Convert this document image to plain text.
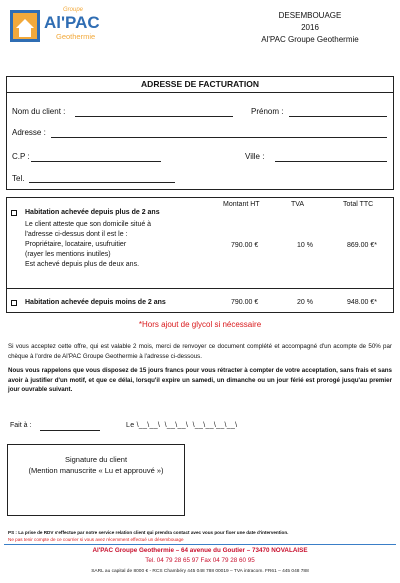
Groupe
Al'PAC
Geothermie
DESEMBOUAGE
2016
Al'PAC Groupe Geothermie
ADRESSE DE FACTURATION
Nom du client :	Prénom :
Adresse :
C.P :	Ville :
Tel.
Montant HT	TVA	Total TTC
Habitation achevée depuis plus de 2 ans
Le client atteste que son domicile situé à
l'adresse ci-dessus dont il est le :
Propriétaire, locataire, usufruitier
(rayer les mentions inutiles)
Est achevé depuis plus de deux ans.
790.00 €	10 %	869.00 €*
Habitation achevée depuis moins de 2 ans	790.00 €	20 %	948.00 €*
*Hors ajout de glycol si nécessaire
Si vous acceptez cette offre, qui est valable 2 mois, merci de renvoyer ce document complété et accompagné d'un acompte de 50% par chèque à l'ordre de Al'PAC Groupe Geothermie à l'adresse ci-dessous.
Nous vous rappelons que vous disposez de 15 jours francs pour vous rétracter à compter de votre acceptation, sans frais et sans avoir à justifier d'un motif, et que ce délai, lorsqu'il expire un samedi, un dimanche ou un jour férié est prorogé jusqu'au premier jour ouvrable suivant.
Fait à :	Le \__\__\  \__\__\  \__\__\__\__\
Signature du client
(Mention manuscrite « Lu et approuvé »)
PS : La prise de RDV s'effectue par notre service relation client qui prendra contact avec vous pour fixer une date d'intervention.
Ne pas tenir compte de ce courrier si vous avez récemment effectué un désembouage
Al'PAC Groupe Geothermie – 64 avenue du Goutier – 73470 NOVALAISE
Tel. 04 79 28 65 97 Fax 04 79 28 60 95
SARL au capital de 8000 € - RCS Chambéry 445 048 788 00019 – TVA intracom. FR61 – 445 048 788
